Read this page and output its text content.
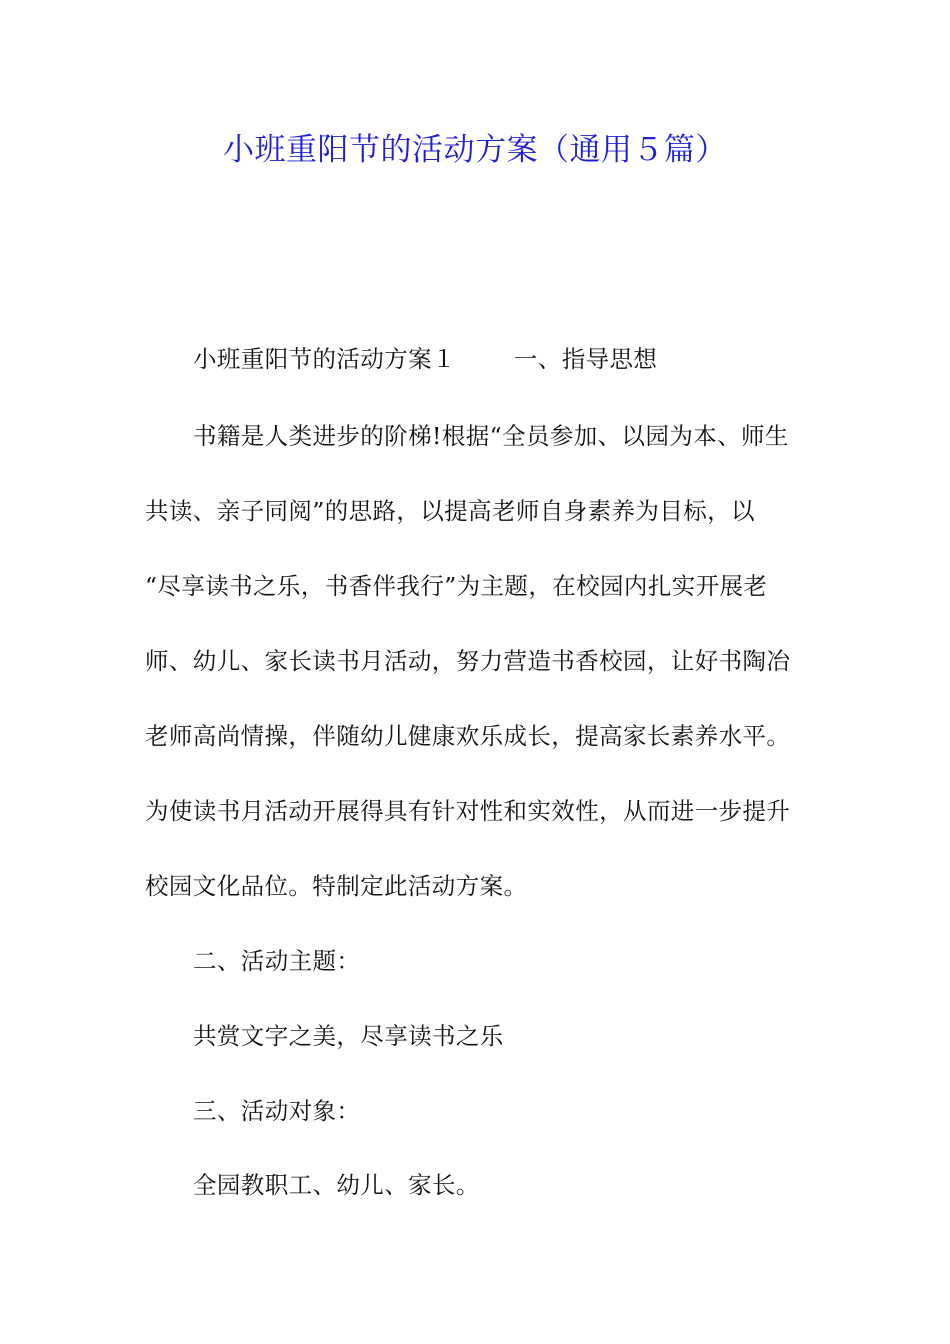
小班重阳节的活动方案（通用５篇）
小班重阳节的活动方案１ 一、指导思想
书籍是人类进步的阶梯!根据“全员参加、以园为本、师生
共读、亲子同阅”的思路，以提高老师自身素养为目标，以
“尽享读书之乐，书香伴我行”为主题，在校园内扎实开展老
师、幼儿、家长读书月活动，努力营造书香校园，让好书陶冶
老师高尚情操，伴随幼儿健康欢乐成长，提高家长素养水平。
为使读书月活动开展得具有针对性和实效性，从而进一步提升
校园文化品位。特制定此活动方案。
二、活动主题：
共赏文字之美，尽享读书之乐
三、活动对象：
全园教职工、幼儿、家长。
